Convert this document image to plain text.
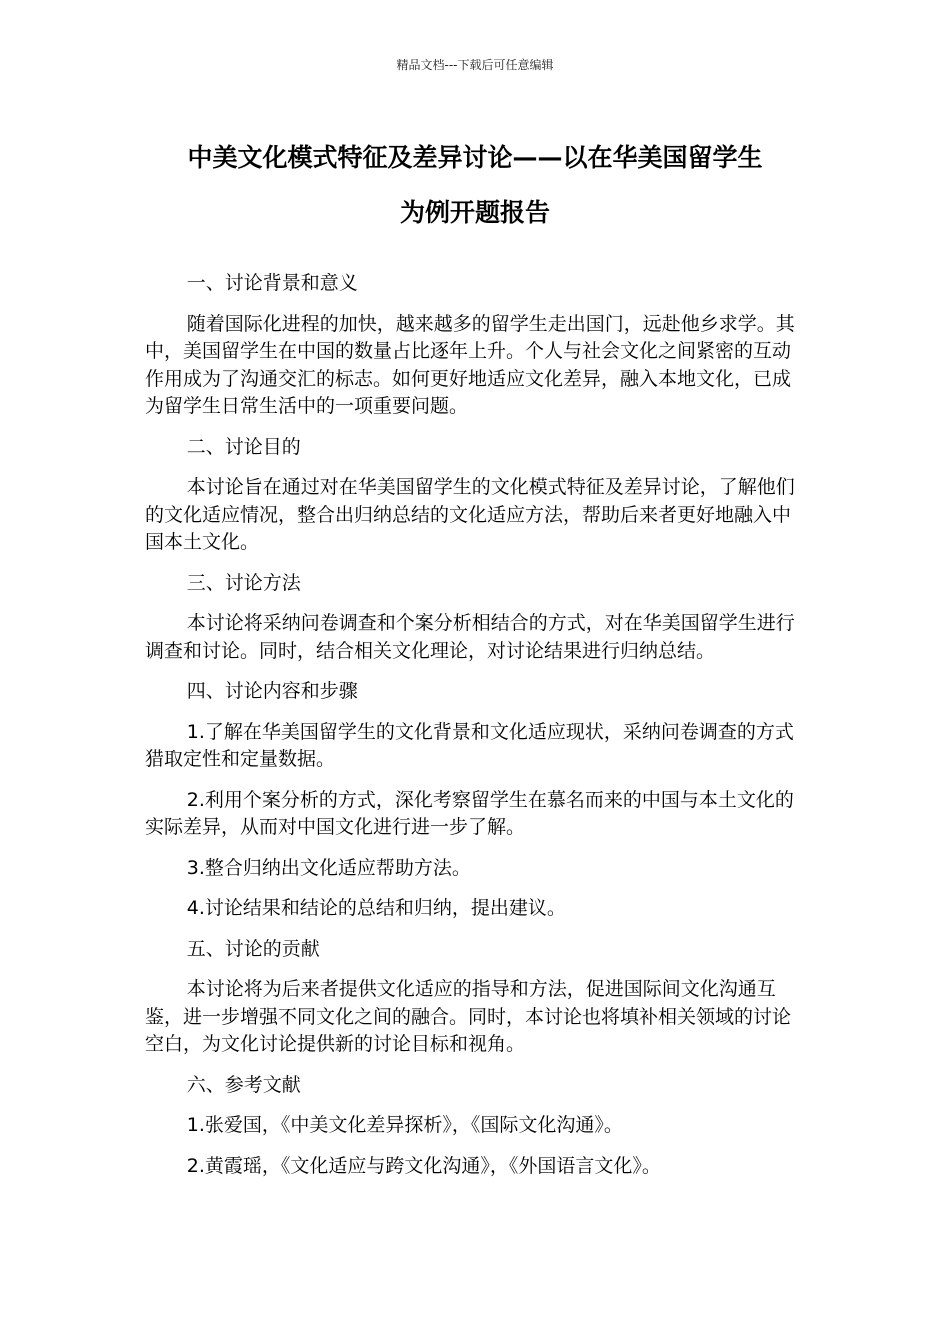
精品文档---下载后可任意编辑
中美文化模式特征及差异讨论——以在华美国留学生
为例开题报告

一、讨论背景和意义

随着国际化进程的加快，越来越多的留学生走出国门，远赴他乡求学。其中，美国留学生在中国的数量占比逐年上升。个人与社会文化之间紧密的互动作用成为了沟通交汇的标志。如何更好地适应文化差异，融入本地文化，已成为留学生日常生活中的一项重要问题。

二、讨论目的

本讨论旨在通过对在华美国留学生的文化模式特征及差异讨论，了解他们的文化适应情况，整合出归纳总结的文化适应方法，帮助后来者更好地融入中国本土文化。

三、讨论方法

本讨论将采纳问卷调查和个案分析相结合的方式，对在华美国留学生进行调查和讨论。同时，结合相关文化理论，对讨论结果进行归纳总结。

四、讨论内容和步骤

1.了解在华美国留学生的文化背景和文化适应现状，采纳问卷调查的方式猎取定性和定量数据。

2.利用个案分析的方式，深化考察留学生在慕名而来的中国与本土文化的实际差异，从而对中国文化进行进一步了解。

3.整合归纳出文化适应帮助方法。

4.讨论结果和结论的总结和归纳，提出建议。

五、讨论的贡献

本讨论将为后来者提供文化适应的指导和方法，促进国际间文化沟通互鉴，进一步增强不同文化之间的融合。同时，本讨论也将填补相关领域的讨论空白，为文化讨论提供新的讨论目标和视角。

六、参考文献

1.张爱国，《中美文化差异探析》，《国际文化沟通》。

2.黄霞瑶，《文化适应与跨文化沟通》，《外国语言文化》。
